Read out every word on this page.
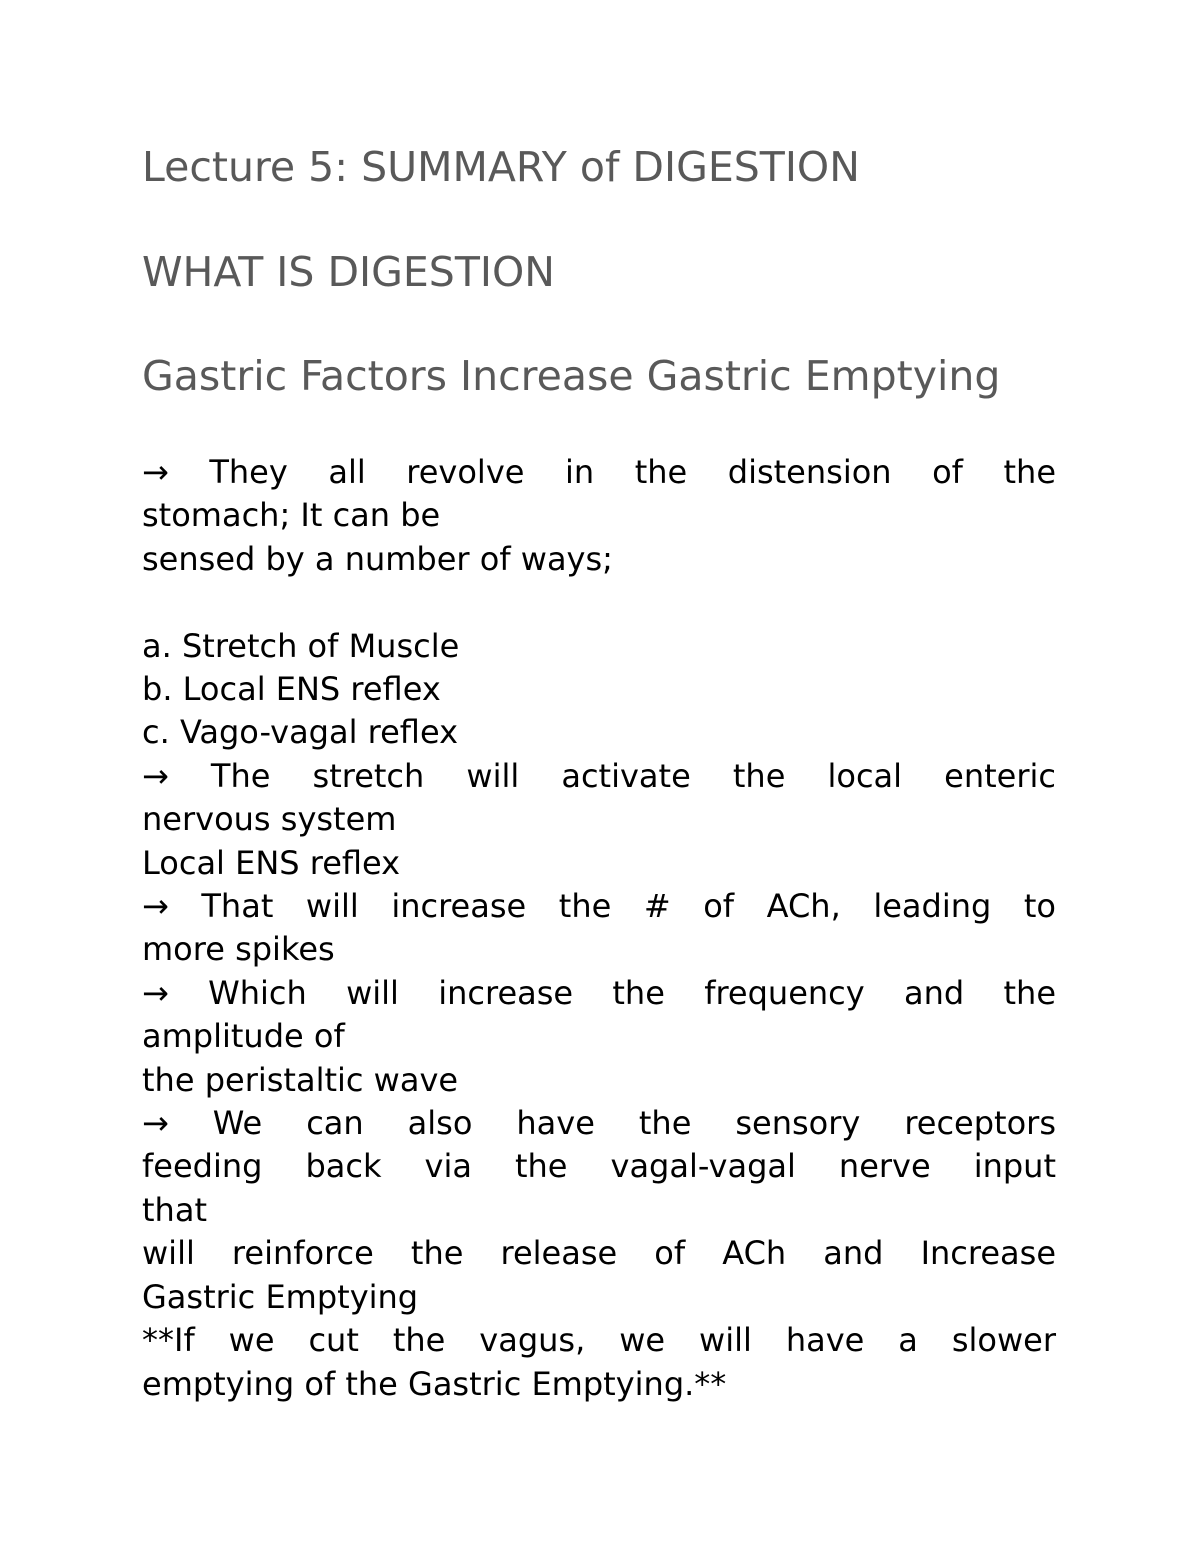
Lecture 5: SUMMARY of DIGESTION
WHAT IS DIGESTION
Gastric Factors Increase Gastric Emptying
→ They all revolve in the distension of the
stomach; It can be
sensed by a number of ways;
a. Stretch of Muscle
b. Local ENS reflex
c. Vago-vagal reflex
→ The stretch will activate the local enteric
nervous system
Local ENS reflex
→ That will increase the # of ACh, leading to
more spikes
→ Which will increase the frequency and the
amplitude of
the peristaltic wave
→ We can also have the sensory receptors
feeding back via the vagal-vagal nerve input
that
will reinforce the release of ACh and Increase
Gastric Emptying
**If we cut the vagus, we will have a slower
emptying of the Gastric Emptying.**
